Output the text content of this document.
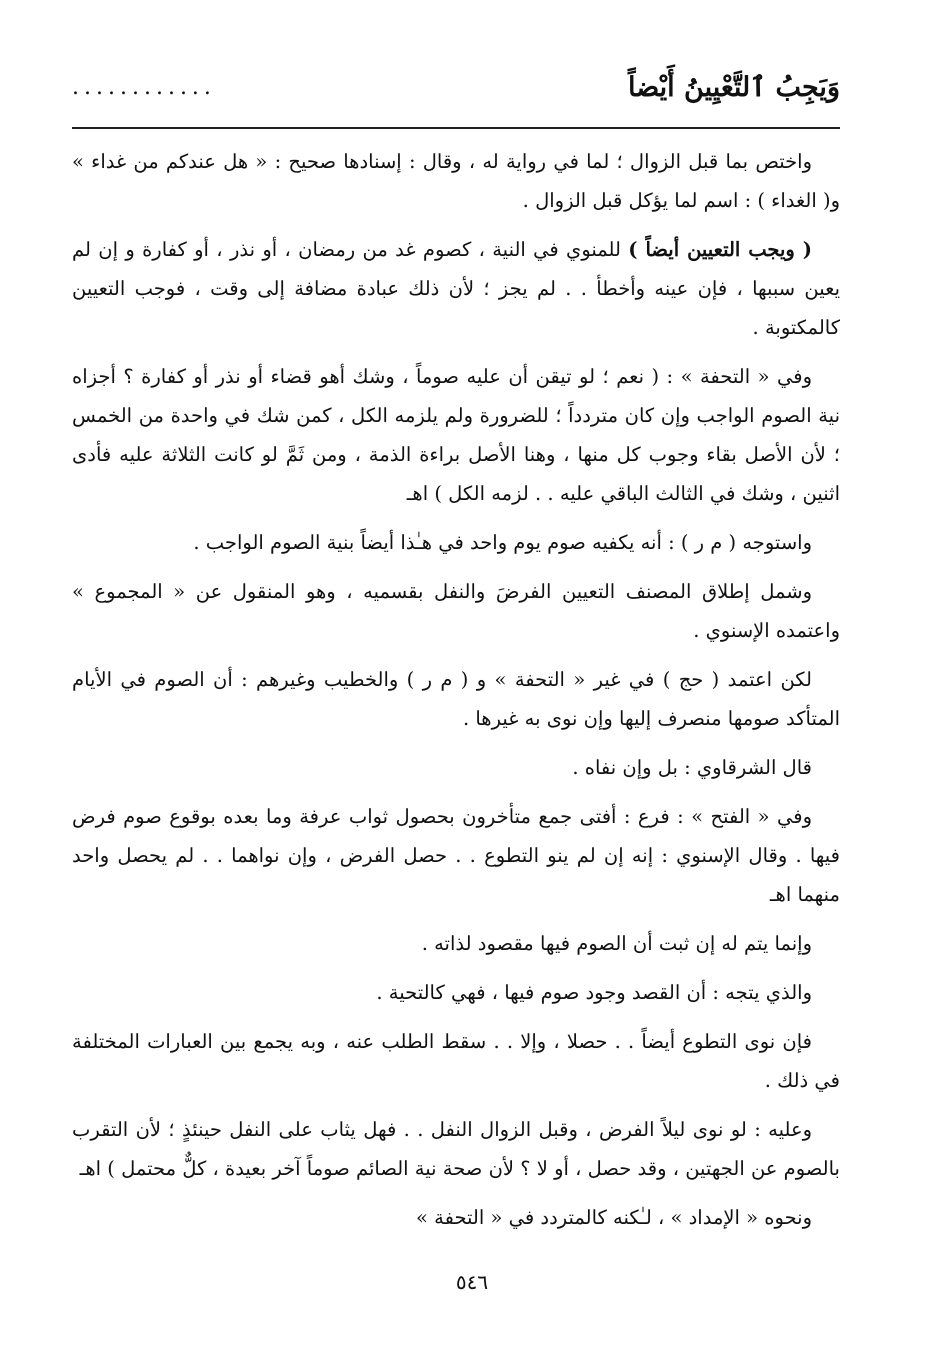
وَيَجِبُ ٱلتَّعْيِينُ أَيْضاً
............

واختص بما قبل الزوال ؛ لما في رواية له ، وقال : إسنادها صحيح : « هل عندكم من غداء » و( الغداء ) : اسم لما يؤكل قبل الزوال .

( ويجب التعيين أيضاً ) للمنوي في النية ، كصوم غد من رمضان ، أو نذر ، أو كفارة و إن لم يعين سببها ، فإن عينه وأخطأ . . لم يجز ؛ لأن ذلك عبادة مضافة إلى وقت ، فوجب التعيين كالمكتوبة .

وفي « التحفة » : ( نعم ؛ لو تيقن أن عليه صوماً ، وشك أهو قضاء أو نذر أو كفارة ؟ أجزاه نية الصوم الواجب وإن كان متردداً ؛ للضرورة ولم يلزمه الكل ، كمن شك في واحدة من الخمس ؛ لأن الأصل بقاء وجوب كل منها ، وهنا الأصل براءة الذمة ، ومن ثَمَّ لو كانت الثلاثة عليه فأدى اثنين ، وشك في الثالث الباقي عليه . . لزمه الكل ) اهـ

واستوجه ( م ر ) : أنه يكفيه صوم يوم واحد في هـٰذا أيضاً بنية الصوم الواجب .

وشمل إطلاق المصنف التعيين الفرضَ والنفل بقسميه ، وهو المنقول عن « المجموع » واعتمده الإسنوي .

لكن اعتمد ( حج ) في غير « التحفة » و ( م ر ) والخطيب وغيرهم : أن الصوم في الأيام المتأكد صومها منصرف إليها وإن نوى به غيرها .

قال الشرقاوي : بل وإن نفاه .

وفي « الفتح » : فرع : أفتى جمع متأخرون بحصول ثواب عرفة وما بعده بوقوع صوم فرض فيها . وقال الإسنوي : إنه إن لم ينو التطوع . . حصل الفرض ، وإن نواهما . . لم يحصل واحد منهما اهـ

وإنما يتم له إن ثبت أن الصوم فيها مقصود لذاته .

والذي يتجه : أن القصد وجود صوم فيها ، فهي كالتحية .

فإن نوى التطوع أيضاً . . حصلا ، وإلا . . سقط الطلب عنه ، وبه يجمع بين العبارات المختلفة في ذلك .

وعليه : لو نوى ليلاً الفرض ، وقبل الزوال النفل . . فهل يثاب على النفل حينئذٍ ؛ لأن التقرب بالصوم عن الجهتين ، وقد حصل ، أو لا ؟ لأن صحة نية الصائم صوماً آخر بعيدة ، كلٌّ محتمل ) اهـ

ونحوه « الإمداد » ، لـٰكنه كالمتردد في « التحفة »

٥٤٦
